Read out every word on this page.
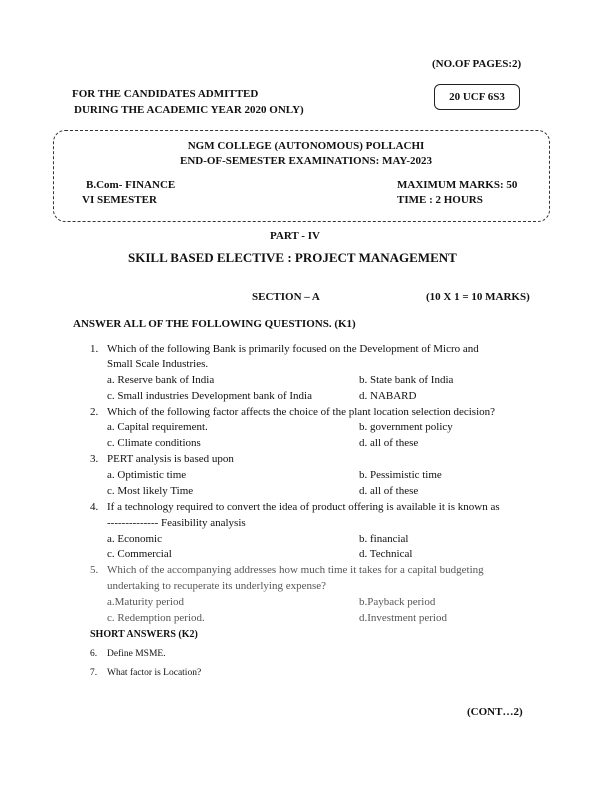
(NO.OF PAGES:2)
FOR THE CANDIDATES ADMITTED
DURING THE ACADEMIC YEAR 2020 ONLY)
20 UCF 6S3
NGM COLLEGE (AUTONOMOUS) POLLACHI
END-OF-SEMESTER EXAMINATIONS: MAY-2023
B.Com- FINANCE
VI SEMESTER
MAXIMUM MARKS: 50
TIME : 2 HOURS
PART - IV
SKILL BASED ELECTIVE : PROJECT MANAGEMENT
SECTION – A	(10 X 1 = 10 MARKS)
ANSWER ALL OF THE FOLLOWING QUESTIONS. (K1)
1. Which of the following Bank is primarily focused on the Development of Micro and
Small Scale Industries.
a. Reserve bank of India	b. State bank of India
c. Small industries Development bank of India	d. NABARD
2. Which of the following factor affects the choice of the plant location selection decision?
a. Capital requirement.	b. government policy
c. Climate conditions	d. all of these
3. PERT analysis is based upon
a. Optimistic time	b. Pessimistic time
c. Most likely Time	d. all of these
4. If a technology required to convert the idea of product offering is available it is known as
-------------- Feasibility analysis
a. Economic	b. financial
c. Commercial	d. Technical
5. Which of the accompanying addresses how much time it takes for a capital budgeting
undertaking to recuperate its underlying expense?
a.Maturity period	b.Payback period
c. Redemption period.	d.Investment period
SHORT ANSWERS (K2)
6. Define MSME.
7. What factor is Location?
(CONT…2)
